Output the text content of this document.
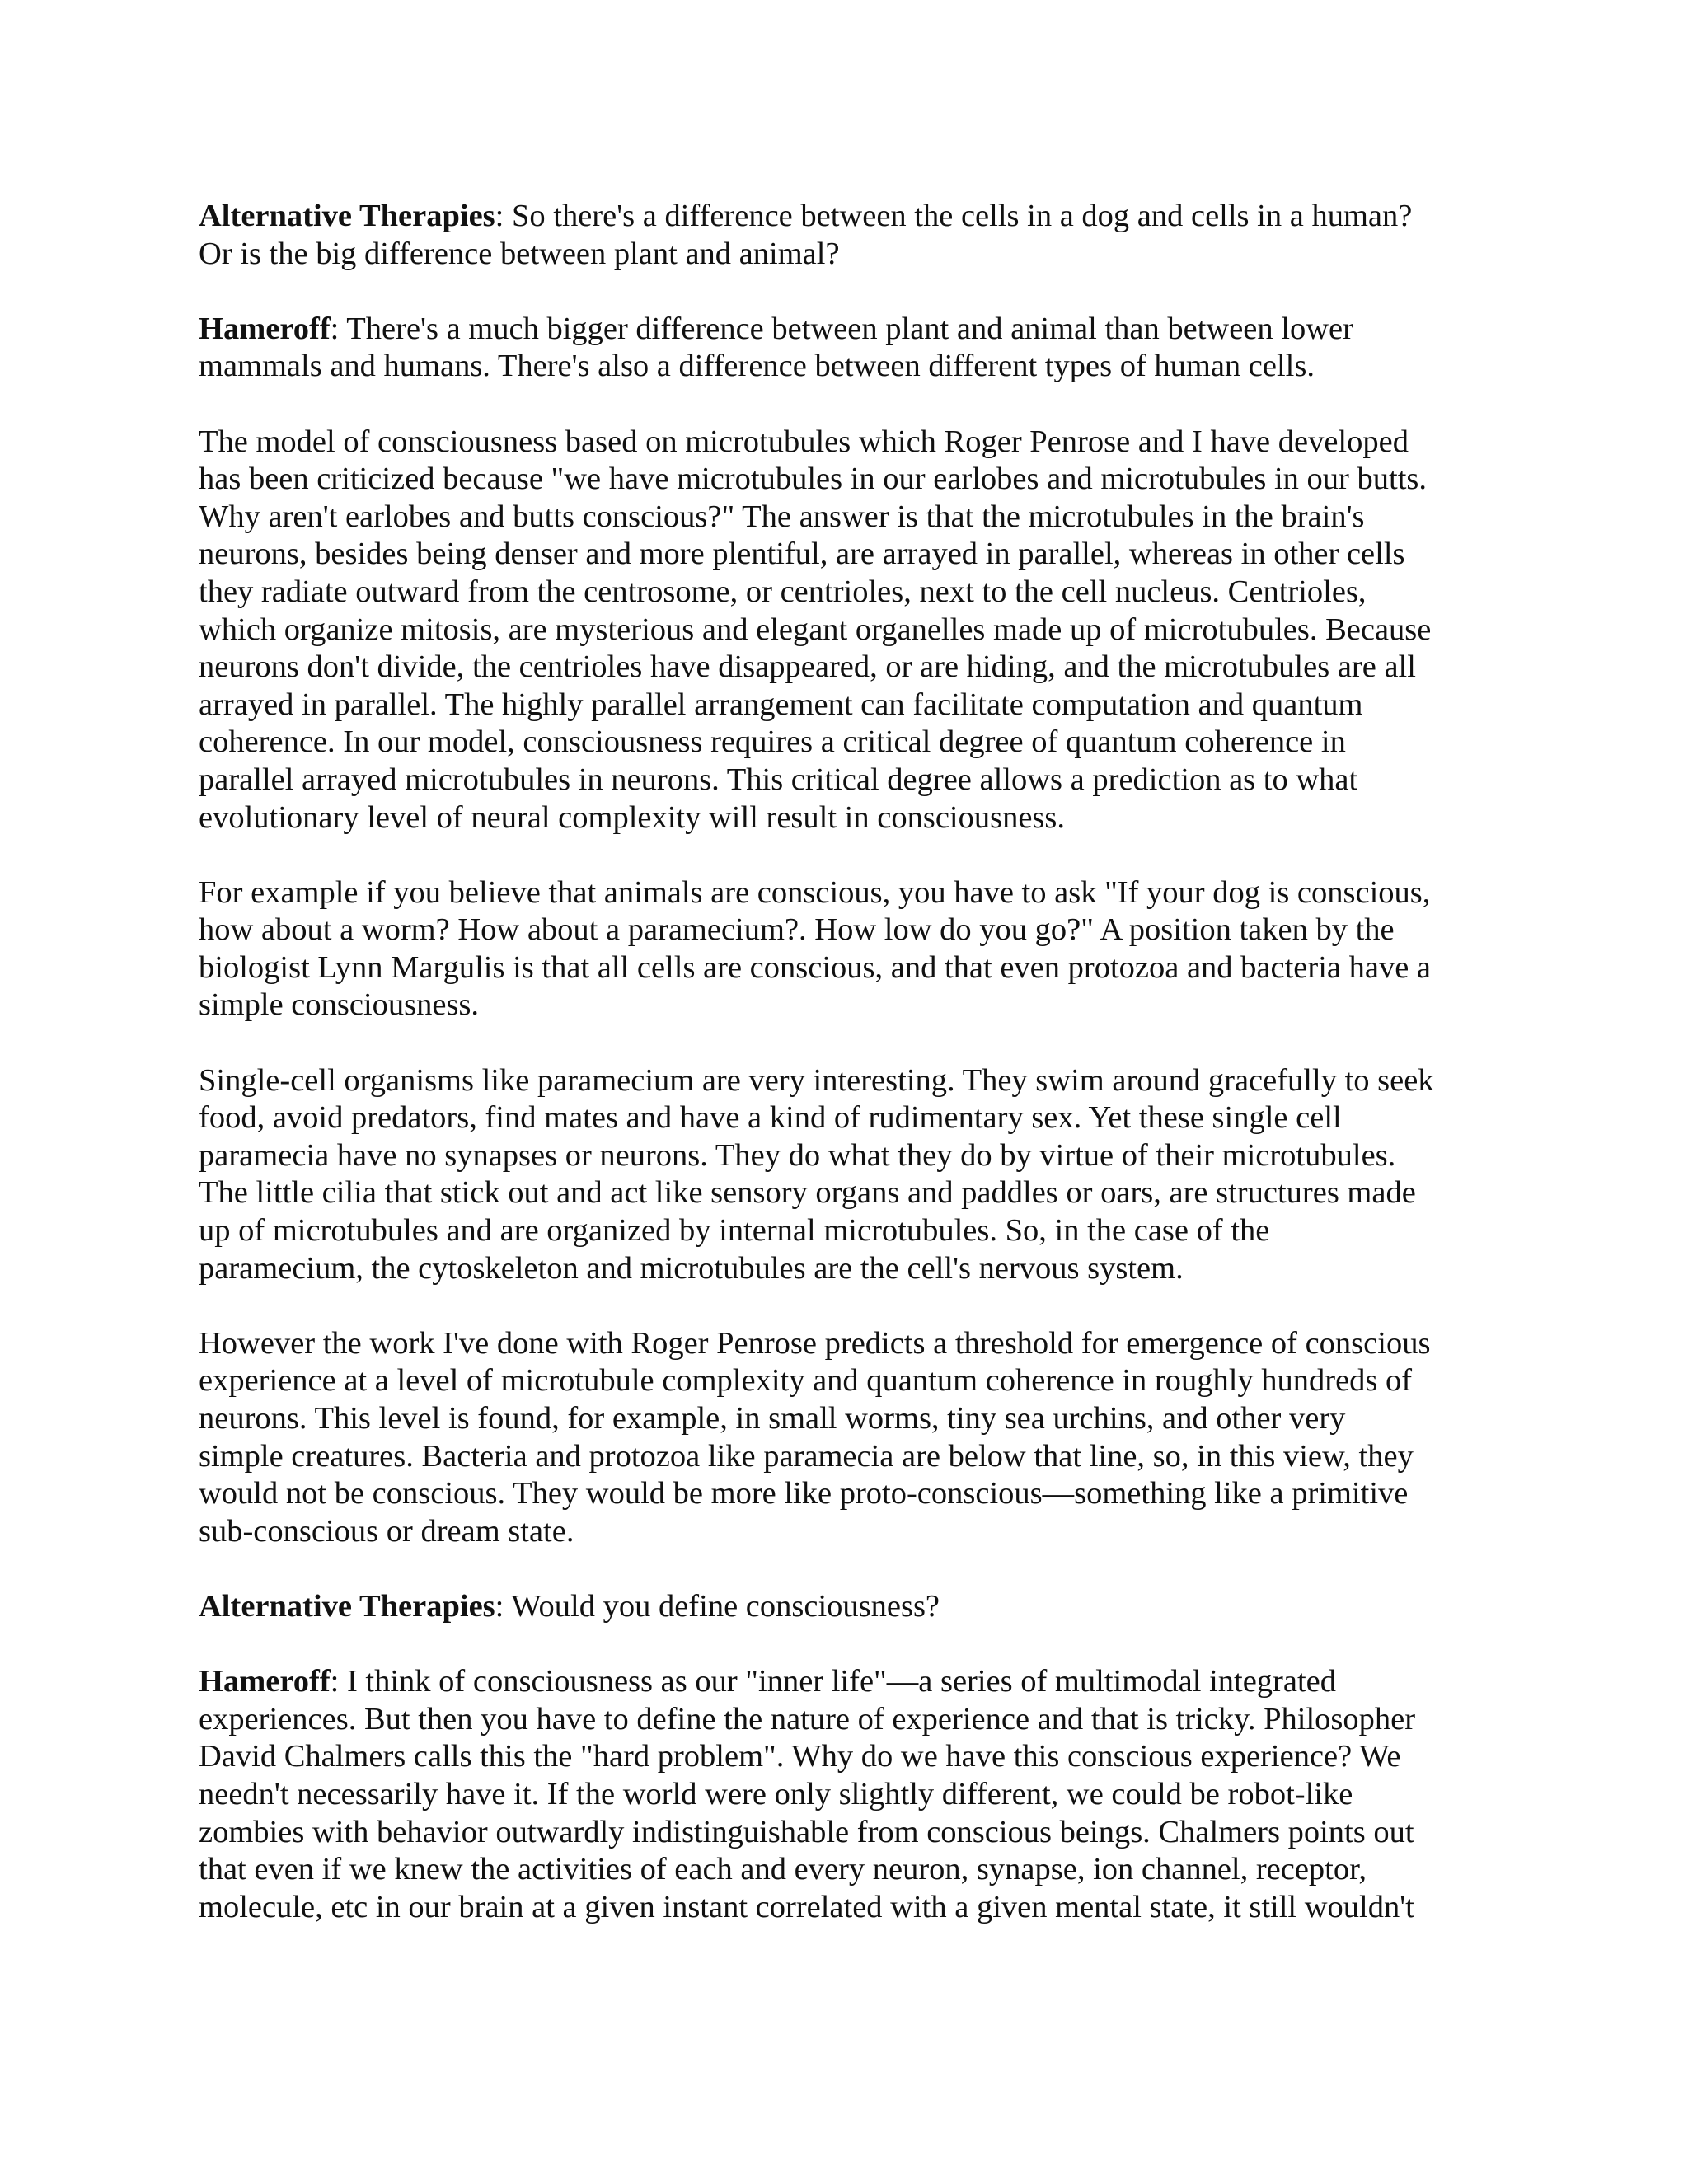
Alternative Therapies: So there's a difference between the cells in a dog and cells in a human?
Or is the big difference between plant and animal?

Hameroff: There's a much bigger difference between plant and animal than between lower
mammals and humans. There's also a difference between different types of human cells.

The model of consciousness based on microtubules which Roger Penrose and I have developed
has been criticized because "we have microtubules in our earlobes and microtubules in our butts.
Why aren't earlobes and butts conscious?" The answer is that the microtubules in the brain's
neurons, besides being denser and more plentiful, are arrayed in parallel, whereas in other cells
they radiate outward from the centrosome, or centrioles, next to the cell nucleus. Centrioles,
which organize mitosis, are mysterious and elegant organelles made up of microtubules. Because
neurons don't divide, the centrioles have disappeared, or are hiding, and the microtubules are all
arrayed in parallel. The highly parallel arrangement can facilitate computation and quantum
coherence. In our model, consciousness requires a critical degree of quantum coherence in
parallel arrayed microtubules in neurons. This critical degree allows a prediction as to what
evolutionary level of neural complexity will result in consciousness.

For example if you believe that animals are conscious, you have to ask "If your dog is conscious,
how about a worm? How about a paramecium?. How low do you go?" A position taken by the
biologist Lynn Margulis is that all cells are conscious, and that even protozoa and bacteria have a
simple consciousness.

Single-cell organisms like paramecium are very interesting. They swim around gracefully to seek
food, avoid predators, find mates and have a kind of rudimentary sex. Yet these single cell
paramecia have no synapses or neurons. They do what they do by virtue of their microtubules.
The little cilia that stick out and act like sensory organs and paddles or oars, are structures made
up of microtubules and are organized by internal microtubules. So, in the case of the
paramecium, the cytoskeleton and microtubules are the cell's nervous system.

However the work I've done with Roger Penrose predicts a threshold for emergence of conscious
experience at a level of microtubule complexity and quantum coherence in roughly hundreds of
neurons. This level is found, for example, in small worms, tiny sea urchins, and other very
simple creatures. Bacteria and protozoa like paramecia are below that line, so, in this view, they
would not be conscious. They would be more like proto-conscious—something like a primitive
sub-conscious or dream state.

Alternative Therapies: Would you define consciousness?

Hameroff: I think of consciousness as our "inner life"—a series of multimodal integrated
experiences. But then you have to define the nature of experience and that is tricky. Philosopher
David Chalmers calls this the "hard problem". Why do we have this conscious experience? We
needn't necessarily have it. If the world were only slightly different, we could be robot-like
zombies with behavior outwardly indistinguishable from conscious beings. Chalmers points out
that even if we knew the activities of each and every neuron, synapse, ion channel, receptor,
molecule, etc in our brain at a given instant correlated with a given mental state, it still wouldn't
